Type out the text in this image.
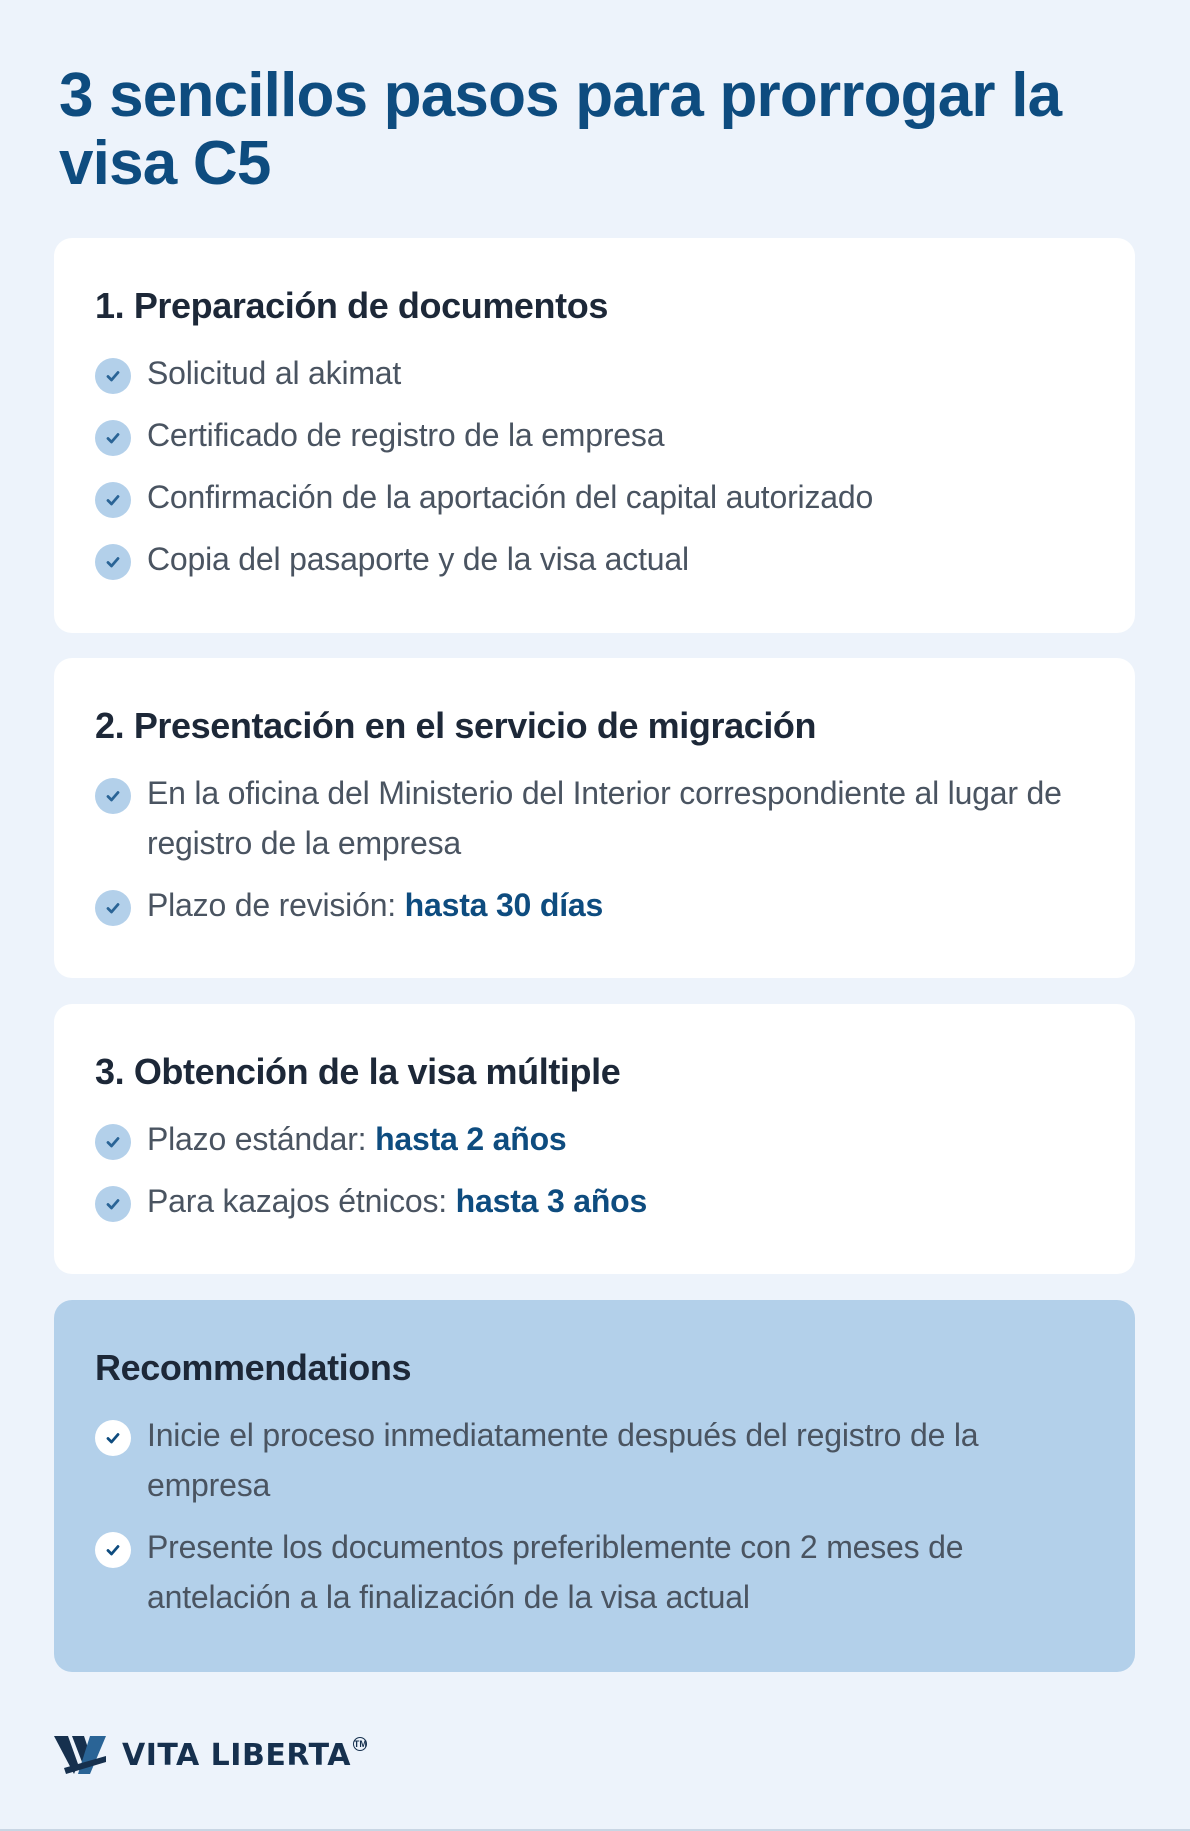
3 sencillos pasos para prorrogar la visa C5
1. Preparación de documentos
Solicitud al akimat
Certificado de registro de la empresa
Confirmación de la aportación del capital autorizado
Copia del pasaporte y de la visa actual
2. Presentación en el servicio de migración
En la oficina del Ministerio del Interior correspondiente al lugar de registro de la empresa
Plazo de revisión: hasta 30 días
3. Obtención de la visa múltiple
Plazo estándar: hasta 2 años
Para kazajos étnicos: hasta 3 años
Recommendations
Inicie el proceso inmediatamente después del registro de la empresa
Presente los documentos preferiblemente con 2 meses de antelación a la finalización de la visa actual
VITA LIBERTA TM
